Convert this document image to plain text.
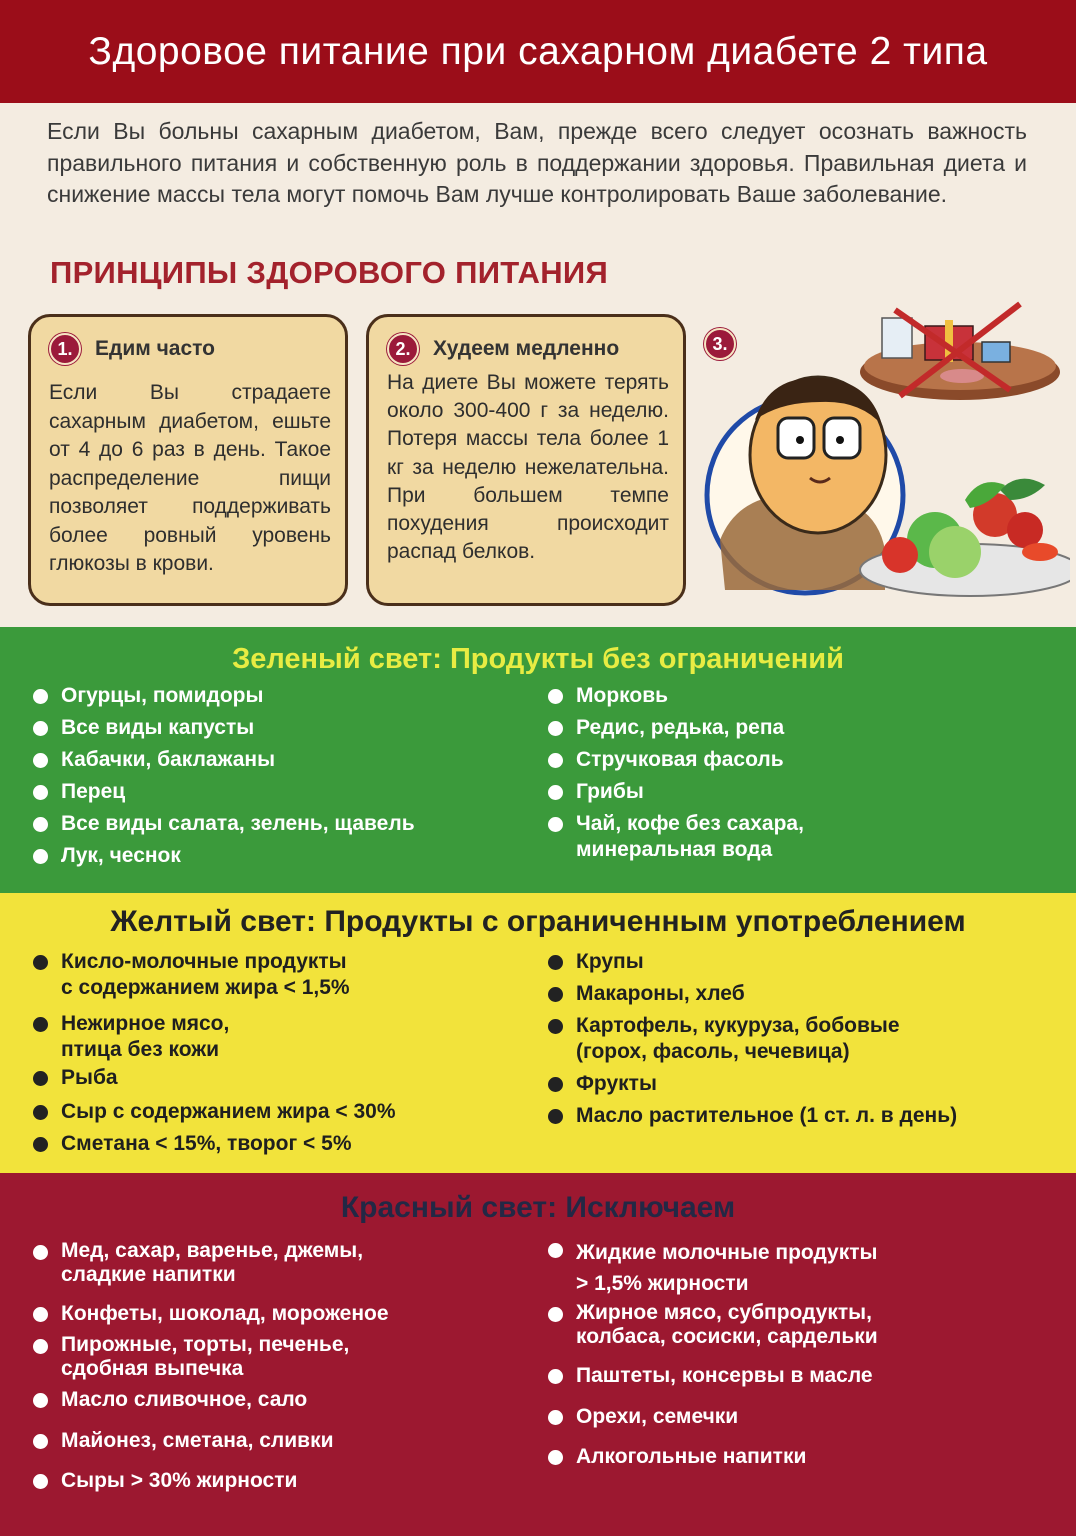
Здоровое питание при сахарном диабете 2 типа

Если Вы больны сахарным диабетом, Вам, прежде всего следует осознать важность правильного питания и собственную роль в поддержании здоровья. Правильная диета и снижение массы тела могут помочь Вам лучше контролировать Ваше заболевание.

ПРИНЦИПЫ ЗДОРОВОГО ПИТАНИЯ
1.	Едим часто
Если Вы страдаете сахарным диабетом, ешьте от 4 до 6 раз в день. Такое распределение пищи позволяет поддерживать более ровный уровень глюкозы в крови.
2.	Худеем медленно
На диете Вы можете терять около 300-400 г за неделю. Потеря массы тела более 1 кг за неделю нежелательна. При большем темпе похудения происходит распад белков.
3.
Зеленый свет: Продукты без ограничений
Огурцы, помидоры
Все виды капусты
Кабачки, баклажаны
Перец
Все виды салата, зелень, щавель
Лук, чеснок
Морковь
Редис, редька, репа
Стручковая фасоль
Грибы
Чай, кофе без сахара,
минеральная вода
Желтый свет: Продукты с ограниченным употреблением
Кисло-молочные продукты
с содержанием жира < 1,5%
Нежирное мясо,
птица без кожи
Рыба
Сыр с содержанием жира < 30%
Сметана < 15%, творог < 5%
Крупы
Макароны, хлеб
Картофель, кукуруза, бобовые
(горох, фасоль, чечевица)
Фрукты
Масло растительное (1 ст. л. в день)
Красный свет: Исключаем
Мед, сахар, варенье, джемы,
сладкие напитки
Конфеты, шоколад, мороженое
Пирожные, торты, печенье,
сдобная выпечка
Масло сливочное, сало
Майонез, сметана, сливки
Сыры > 30% жирности
Жидкие молочные продукты
> 1,5% жирности
Жирное мясо, субпродукты,
колбаса, сосиски, сардельки
Паштеты, консервы в масле
Орехи, семечки
Алкогольные напитки
